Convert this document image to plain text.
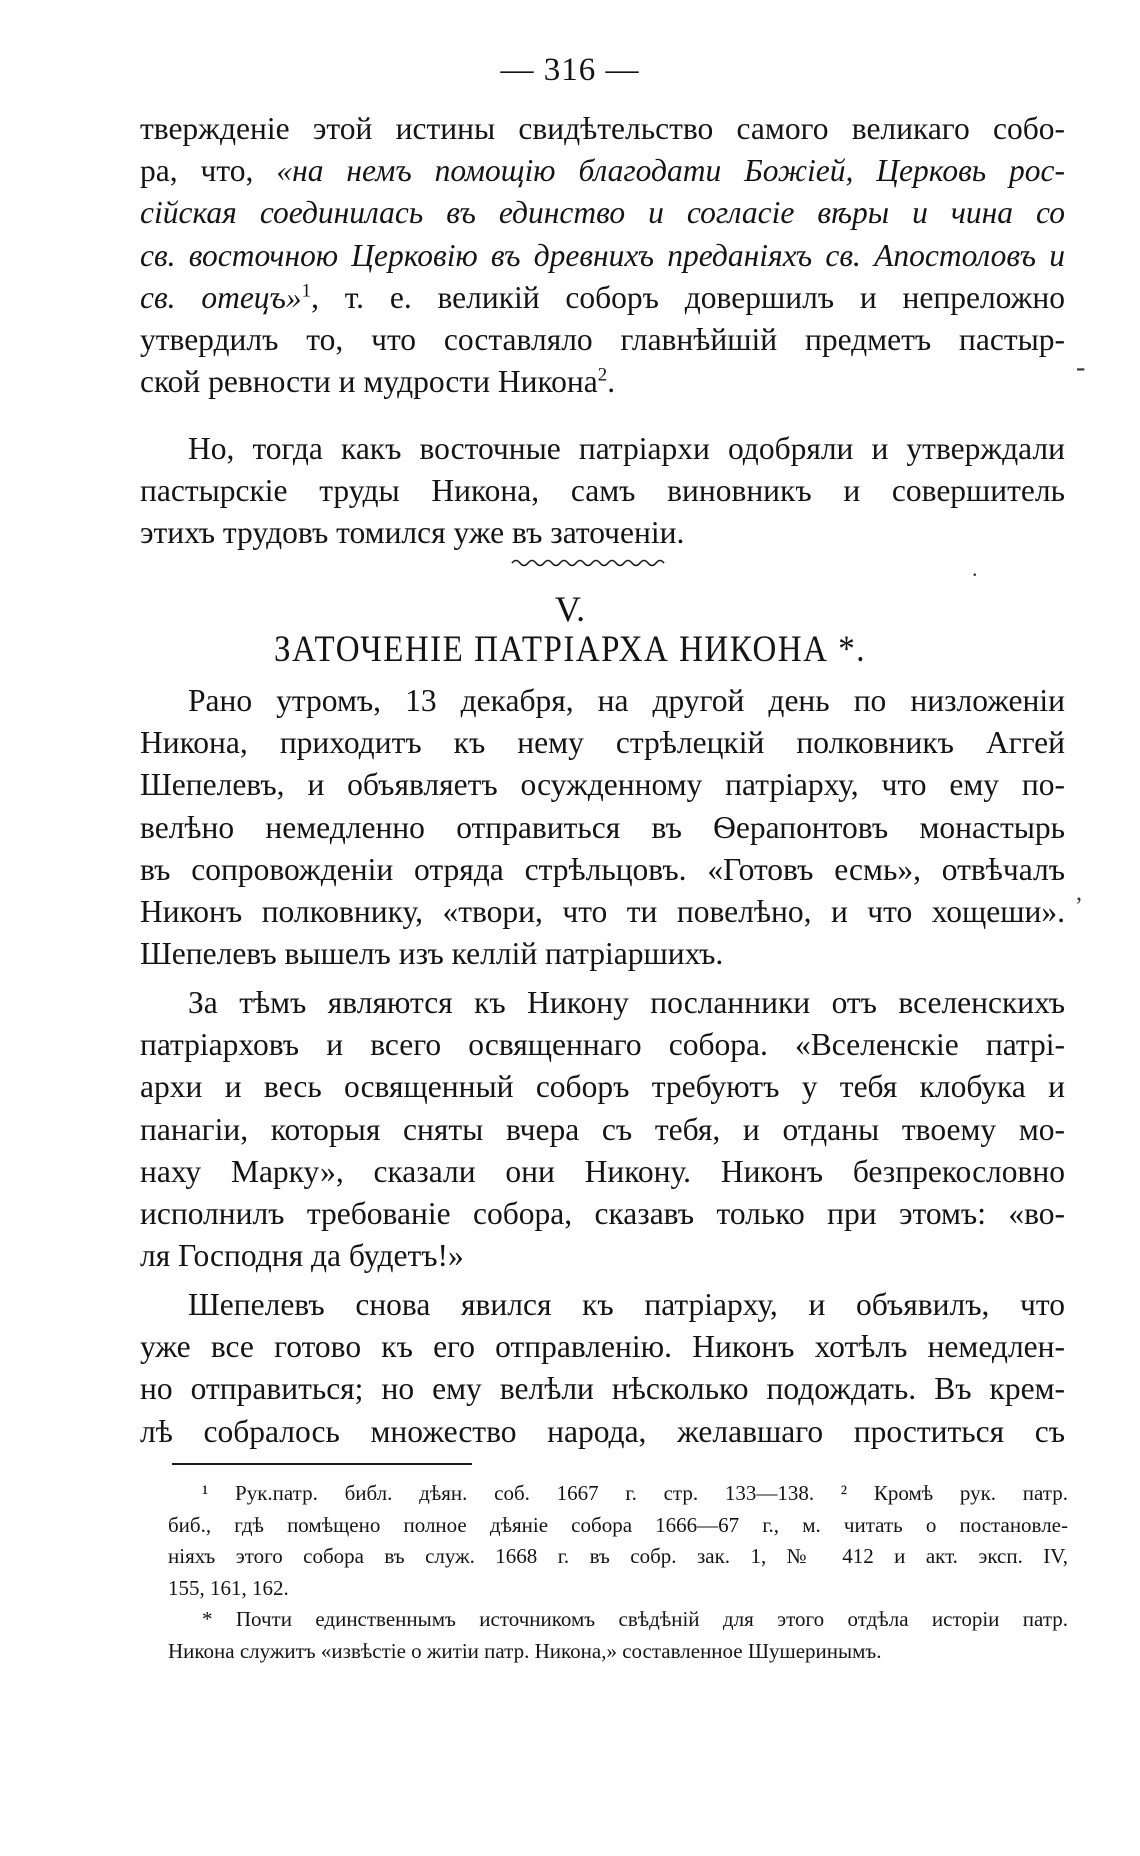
— 316 —
твержденіе этой истины свидѣтельство самого великаго собо-
ра, что, «на немъ помощію благодати Божіей, Церковь рос-
сійская соединилась въ единство и согласіе вѣры и чина со
св. восточною Церковію въ древнихъ преданіяхъ св. Апостоловъ и
св. отецъ»$^1$, т. е. великій соборъ довершилъ и непреложно
утвердилъ то, что составляло главнѣйшій предметъ пастыр-
ской ревности и мудрости Никона$^2$.	-
Но, тогда какъ восточные патріархи одобряли и утверждали
пастырскіе труды Никона, самъ виновникъ и совершитель
этихъ трудовъ томился уже въ заточеніи.
.
V.
ЗАТОЧЕНІЕ ПАТРІАРХА НИКОНА *.
Рано утромъ, 13 декабря, на другой день по низложеніи
Никона, приходитъ къ нему стрѣлецкій полковникъ Аггей
Шепелевъ, и объявляетъ осужденному патріарху, что ему по-
велѣно немедленно отправиться въ Ѳерапонтовъ монастырь
въ сопровожденіи отряда стрѣльцовъ. «Готовъ есмь», отвѣчалъ
Никонъ полковнику, «твори, что ти повелѣно, и что хощеши».
Шепелевъ вышелъ изъ келлій патріаршихъ.
,
За тѣмъ являются къ Никону посланники отъ вселенскихъ
патріарховъ и всего освященнаго собора. «Вселенскіе патрі-
архи и весь освященный соборъ требуютъ у тебя клобука и
панагіи, которыя сняты вчера съ тебя, и отданы твоему мо-
наху Марку», сказали они Никону. Никонъ безпрекословно
исполнилъ требованіе собора, сказавъ только при этомъ: «во-
ля Господня да будетъ!»
Шепелевъ снова явился къ патріарху, и объявилъ, что
уже все готово къ его отправленію. Никонъ хотѣлъ немедлен-
но отправиться; но ему велѣли нѣсколько подождать. Въ крем-
лѣ собралось множество народа, желавшаго проститься съ
¹ Рук.патр. библ. дѣян. соб. 1667 г. стр. 133—138. ² Кромѣ рук. патр.
биб., гдѣ помѣщено полное дѣяніе собора 1666—67 г., м. читать о постановле-
ніяхъ этого собора въ служ. 1668 г. въ собр. зак. 1, № 412 и акт. эксп. IV,
155, 161, 162.
* Почти единственнымъ источникомъ свѣдѣній для этого отдѣла исторіи патр.
Никона служитъ «извѣстіе о житіи патр. Никона,» составленное Шушеринымъ.
